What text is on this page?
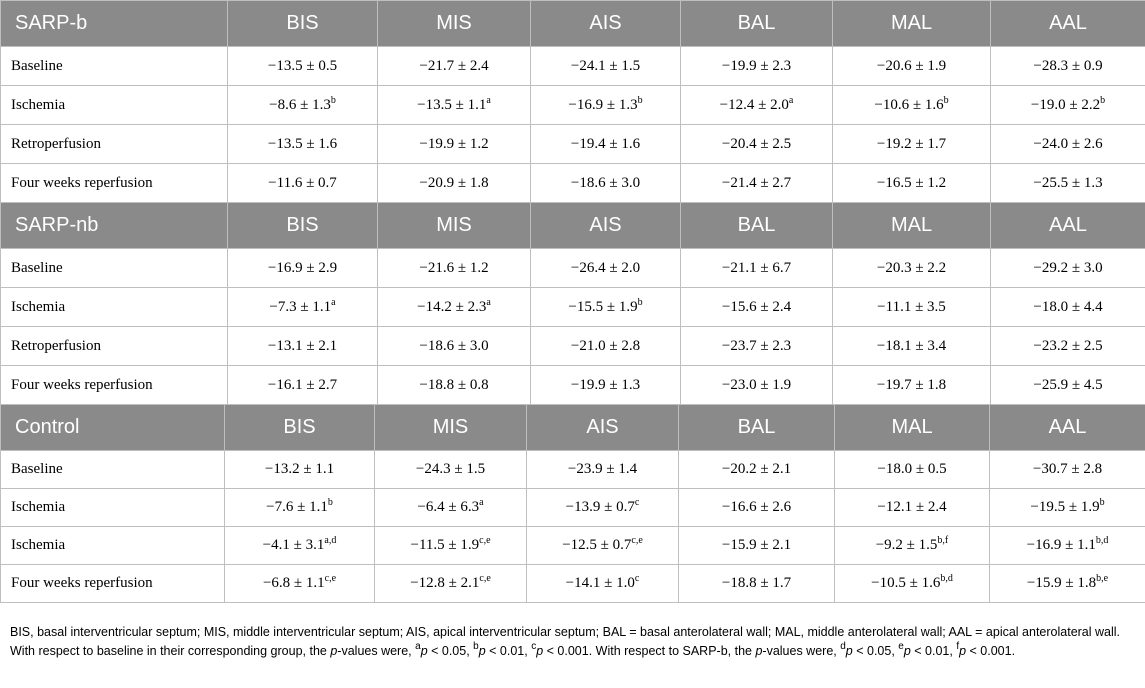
SARP-b	BIS	MIS	AIS	BAL	MAL	AAL
Baseline	−13.5 ± 0.5	−21.7 ± 2.4	−24.1 ± 1.5	−19.9 ± 2.3	−20.6 ± 1.9	−28.3 ± 0.9
Ischemia	−8.6 ± 1.3$^b$	−13.5 ± 1.1$^a$	−16.9 ± 1.3$^b$	−12.4 ± 2.0$^a$	−10.6 ± 1.6$^b$	−19.0 ± 2.2$^b$
Retroperfusion	−13.5 ± 1.6	−19.9 ± 1.2	−19.4 ± 1.6	−20.4 ± 2.5	−19.2 ± 1.7	−24.0 ± 2.6
Four weeks reperfusion	−11.6 ± 0.7	−20.9 ± 1.8	−18.6 ± 3.0	−21.4 ± 2.7	−16.5 ± 1.2	−25.5 ± 1.3
SARP-nb	BIS	MIS	AIS	BAL	MAL	AAL
Baseline	−16.9 ± 2.9	−21.6 ± 1.2	−26.4 ± 2.0	−21.1 ± 6.7	−20.3 ± 2.2	−29.2 ± 3.0
Ischemia	−7.3 ± 1.1$^a$	−14.2 ± 2.3$^a$	−15.5 ± 1.9$^b$	−15.6 ± 2.4	−11.1 ± 3.5	−18.0 ± 4.4
Retroperfusion	−13.1 ± 2.1	−18.6 ± 3.0	−21.0 ± 2.8	−23.7 ± 2.3	−18.1 ± 3.4	−23.2 ± 2.5
Four weeks reperfusion	−16.1 ± 2.7	−18.8 ± 0.8	−19.9 ± 1.3	−23.0 ± 1.9	−19.7 ± 1.8	−25.9 ± 4.5
Control	BIS	MIS	AIS	BAL	MAL	AAL
Baseline	−13.2 ± 1.1	−24.3 ± 1.5	−23.9 ± 1.4	−20.2 ± 2.1	−18.0 ± 0.5	−30.7 ± 2.8
Ischemia	−7.6 ± 1.1$^b$	−6.4 ± 6.3$^a$	−13.9 ± 0.7$^c$	−16.6 ± 2.6	−12.1 ± 2.4	−19.5 ± 1.9$^b$
Ischemia	$-4.1 \pm 3.1^{a,d}$	$-11.5 \pm 1.9^{c,e}$	$-12.5 \pm 0.7^{c,e}$	−15.9 ± 2.1	$-9.2 \pm 1.5^{b,f}$	$-16.9 \pm 1.1^{b,d}$
Four weeks reperfusion	$-6.8 \pm 1.1^{c,e}$	$-12.8 \pm 2.1^{c,e}$	−14.1 ± 1.0$^c$	−18.8 ± 1.7	$-10.5 \pm 1.6^{b,d}$	$-15.9 \pm 1.8^{b,e}$
BIS, basal interventricular septum; MIS, middle interventricular septum; AIS, apical interventricular septum; BAL = basal anterolateral wall; MAL, middle anterolateral wall; AAL = apical anterolateral wall. With respect to baseline in their corresponding group, the p-values were, $^a$p < 0.05, $^b$p < 0.01, $^c$p < 0.001. With respect to SARP-b, the p-values were, $^d$p < 0.05, $^e$p < 0.01, $^f$p < 0.001.
